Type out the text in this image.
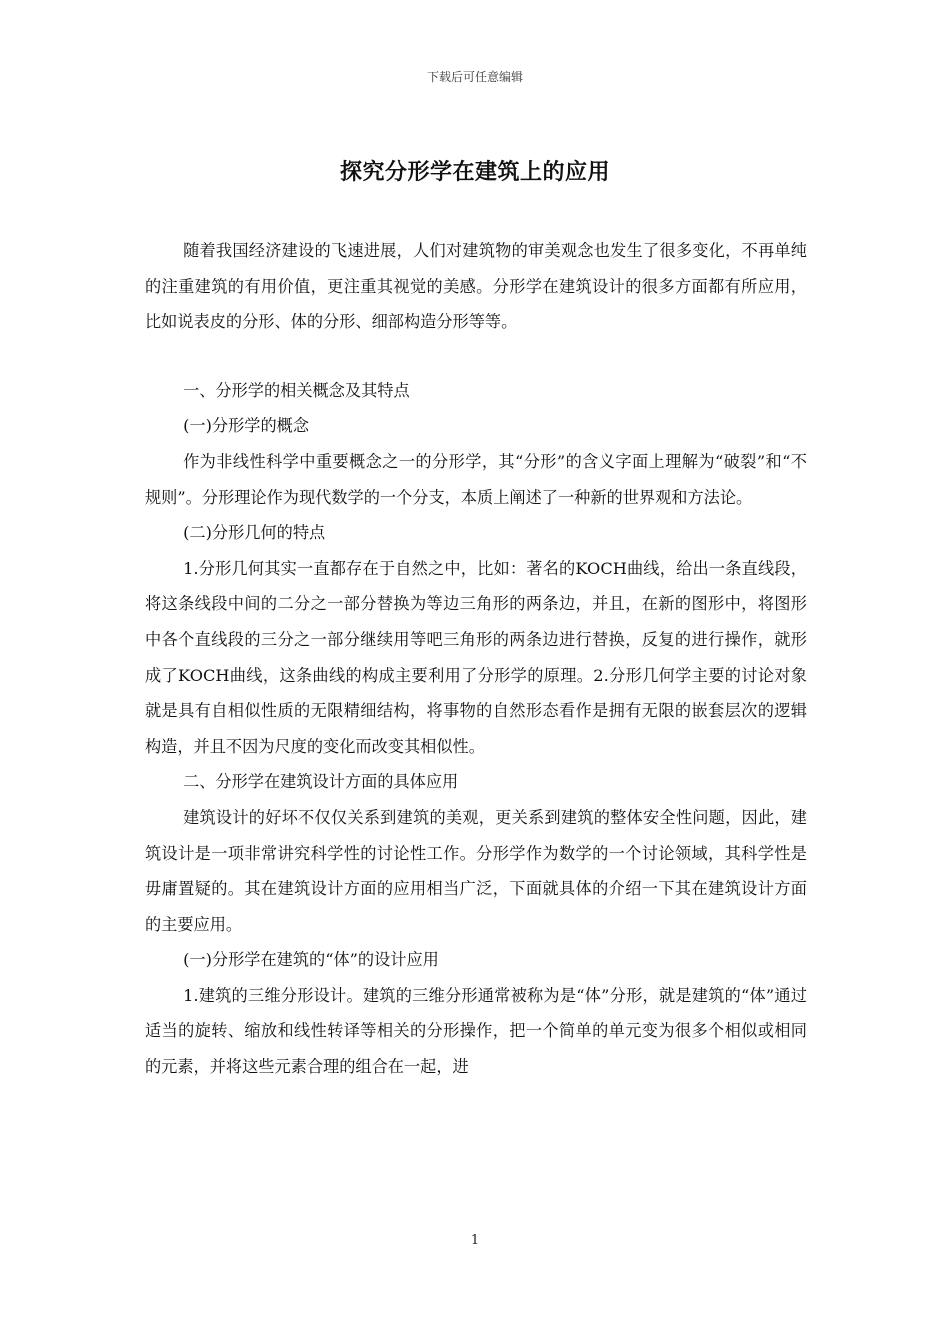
下载后可任意编辑
探究分形学在建筑上的应用

随着我国经济建设的飞速进展，人们对建筑物的审美观念也发生了很多变化，不再单纯的注重建筑的有用价值，更注重其视觉的美感。分形学在建筑设计的很多方面都有所应用，比如说表皮的分形、体的分形、细部构造分形等等。

一、分形学的相关概念及其特点

(一)分形学的概念

作为非线性科学中重要概念之一的分形学，其“分形”的含义字面上理解为“破裂”和“不规则”。分形理论作为现代数学的一个分支，本质上阐述了一种新的世界观和方法论。

(二)分形几何的特点

1.分形几何其实一直都存在于自然之中，比如：著名的KOCH曲线，给出一条直线段，将这条线段中间的二分之一部分替换为等边三角形的两条边，并且，在新的图形中，将图形中各个直线段的三分之一部分继续用等吧三角形的两条边进行替换，反复的进行操作，就形成了KOCH曲线，这条曲线的构成主要利用了分形学的原理。2.分形几何学主要的讨论对象就是具有自相似性质的无限精细结构，将事物的自然形态看作是拥有无限的嵌套层次的逻辑构造，并且不因为尺度的变化而改变其相似性。

二、分形学在建筑设计方面的具体应用

建筑设计的好坏不仅仅关系到建筑的美观，更关系到建筑的整体安全性问题，因此，建筑设计是一项非常讲究科学性的讨论性工作。分形学作为数学的一个讨论领域，其科学性是毋庸置疑的。其在建筑设计方面的应用相当广泛，下面就具体的介绍一下其在建筑设计方面的主要应用。

(一)分形学在建筑的“体”的设计应用

1.建筑的三维分形设计。建筑的三维分形通常被称为是“体”分形，就是建筑的“体”通过适当的旋转、缩放和线性转译等相关的分形操作，把一个简单的单元变为很多个相似或相同的元素，并将这些元素合理的组合在一起，进

1
